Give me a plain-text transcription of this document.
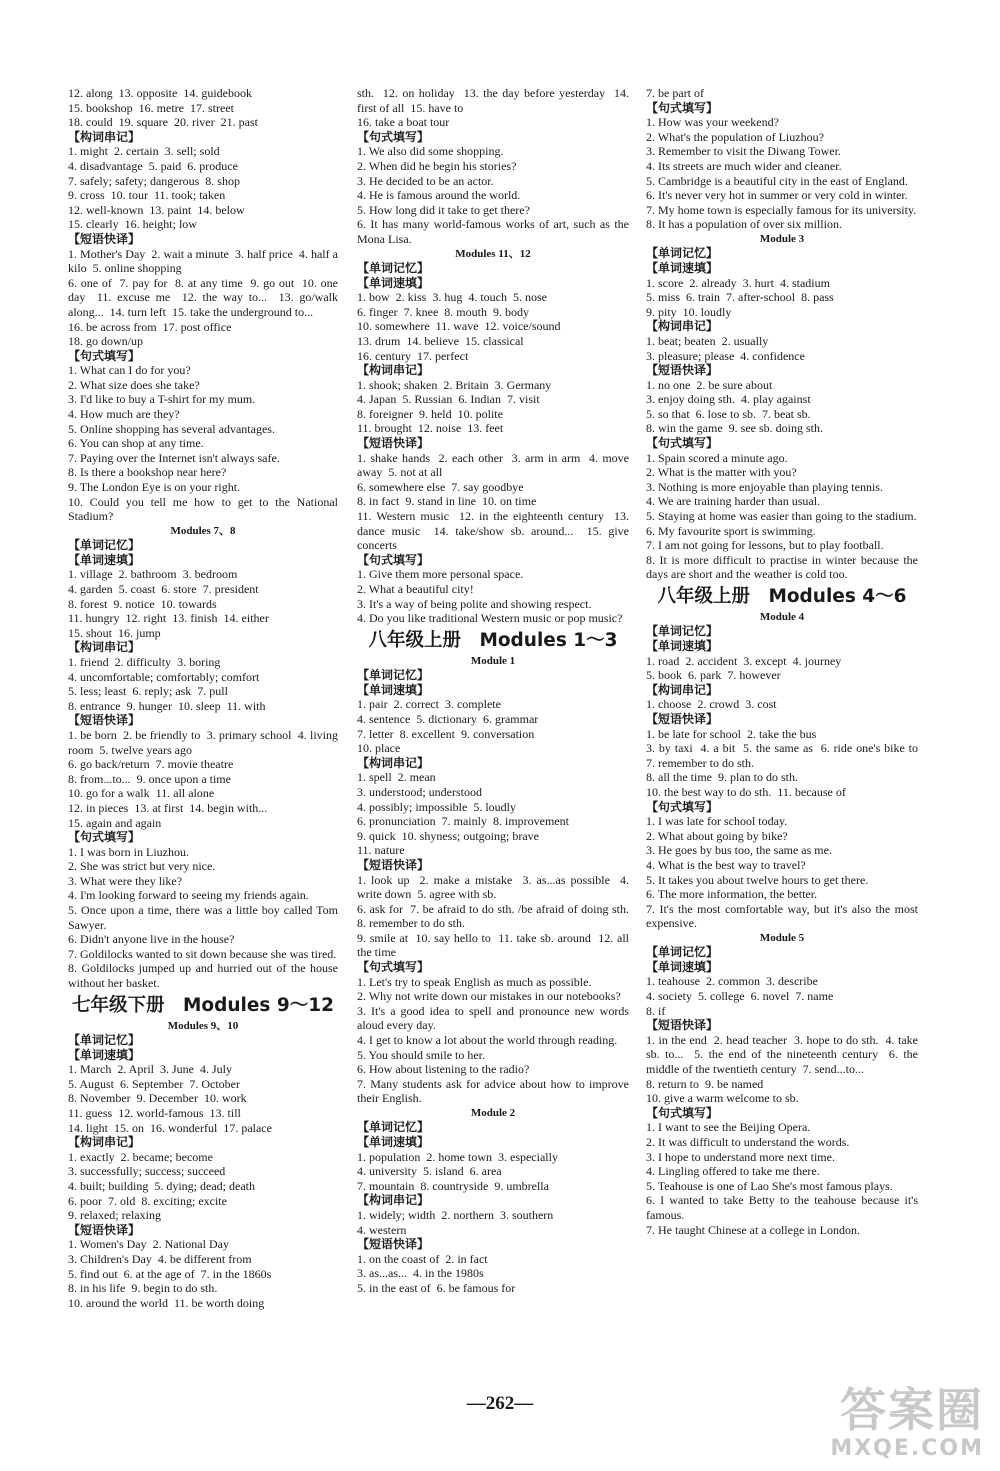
12. along  13. opposite  14. guidebook
15. bookshop  16. metre  17. street
18. could  19. square  20. river  21. past
【构词串记】
1. might  2. certain  3. sell; sold
4. disadvantage  5. paid  6. produce
7. safely; safety; dangerous  8. shop
9. cross  10. tour  11. took; taken
12. well-known  13. paint  14. below
15. clearly  16. height; low
【短语快译】
1. Mother's Day  2. wait a minute  3. half price  4. half a kilo  5. online shopping
6. one of  7. pay for  8. at any time  9. go out  10. one day  11. excuse me  12. the way to...  13. go/walk along...  14. turn left  15. take the underground to...
16. be across from  17. post office
18. go down/up
【句式填写】
1. What can I do for you?
2. What size does she take?
3. I'd like to buy a T-shirt for my mum.
4. How much are they?
5. Online shopping has several advantages.
6. You can shop at any time.
7. Paying over the Internet isn't always safe.
8. Is there a bookshop near here?
9. The London Eye is on your right.
10. Could you tell me how to get to the National Stadium?
Modules 7、8
【单词记忆】
【单词速填】
1. village  2. bathroom  3. bedroom
4. garden  5. coast  6. store  7. president
8. forest  9. notice  10. towards
11. hungry  12. right  13. finish  14. either
15. shout  16. jump
【构词串记】
1. friend  2. difficulty  3. boring
4. uncomfortable; comfortably; comfort
5. less; least  6. reply; ask  7. pull
8. entrance  9. hunger  10. sleep  11. with
【短语快译】
1. be born  2. be friendly to  3. primary school  4. living room  5. twelve years ago
6. go back/return  7. movie theatre
8. from...to...  9. once upon a time
10. go for a walk  11. all alone
12. in pieces  13. at first  14. begin with...
15. again and again
【句式填写】
1. I was born in Liuzhou.
2. She was strict but very nice.
3. What were they like?
4. I'm looking forward to seeing my friends again.
5. Once upon a time, there was a little boy called Tom Sawyer.
6. Didn't anyone live in the house?
7. Goldilocks wanted to sit down because she was tired.
8. Goldilocks jumped up and hurried out of the house without her basket.
七年级下册　Modules 9～12
Modules 9、10
【单词记忆】
【单词速填】
1. March  2. April  3. June  4. July
5. August  6. September  7. October
8. November  9. December  10. work
11. guess  12. world-famous  13. till
14. light  15. on  16. wonderful  17. palace
【构词串记】
1. exactly  2. became; become
3. successfully; success; succeed
4. built; building  5. dying; dead; death
6. poor  7. old  8. exciting; excite
9. relaxed; relaxing
【短语快译】
1. Women's Day  2. National Day
3. Children's Day  4. be different from
5. find out  6. at the age of  7. in the 1860s
8. in his life  9. begin to do sth.
10. around the world  11. be worth doing
sth.  12. on holiday  13. the day before yesterday  14. first of all  15. have to
16. take a boat tour
【句式填写】
1. We also did some shopping.
2. When did he begin his stories?
3. He decided to be an actor.
4. He is famous around the world.
5. How long did it take to get there?
6. It has many world-famous works of art, such as the Mona Lisa.
Modules 11、12
【单词记忆】
【单词速填】
1. bow  2. kiss  3. hug  4. touch  5. nose
6. finger  7. knee  8. mouth  9. body
10. somewhere  11. wave  12. voice/sound
13. drum  14. believe  15. classical
16. century  17. perfect
【构词串记】
1. shook; shaken  2. Britain  3. Germany
4. Japan  5. Russian  6. Indian  7. visit
8. foreigner  9. held  10. polite
11. brought  12. noise  13. feet
【短语快译】
1. shake hands  2. each other  3. arm in arm  4. move away  5. not at all
6. somewhere else  7. say goodbye
8. in fact  9. stand in line  10. on time
11. Western music  12. in the eighteenth century  13. dance music  14. take/show sb. around...  15. give concerts
【句式填写】
1. Give them more personal space.
2. What a beautiful city!
3. It's a way of being polite and showing respect.
4. Do you like traditional Western music or pop music?
八年级上册　Modules 1～3
Module 1
【单词记忆】
【单词速填】
1. pair  2. correct  3. complete
4. sentence  5. dictionary  6. grammar
7. letter  8. excellent  9. conversation
10. place
【构词串记】
1. spell  2. mean
3. understood; understood
4. possibly; impossible  5. loudly
6. pronunciation  7. mainly  8. improvement
9. quick  10. shyness; outgoing; brave
11. nature
【短语快译】
1. look up  2. make a mistake  3. as...as possible  4. write down  5. agree with sb.
6. ask for  7. be afraid to do sth. /be afraid of doing sth.  8. remember to do sth.
9. smile at  10. say hello to  11. take sb. around  12. all the time
【句式填写】
1. Let's try to speak English as much as possible.
2. Why not write down our mistakes in our notebooks?
3. It's a good idea to spell and pronounce new words aloud every day.
4. I get to know a lot about the world through reading.
5. You should smile to her.
6. How about listening to the radio?
7. Many students ask for advice about how to improve their English.
Module 2
【单词记忆】
【单词速填】
1. population  2. home town  3. especially
4. university  5. island  6. area
7. mountain  8. countryside  9. umbrella
【构词串记】
1. widely; width  2. northern  3. southern
4. western
【短语快译】
1. on the coast of  2. in fact
3. as...as...  4. in the 1980s
5. in the east of  6. be famous for
7. be part of
【句式填写】
1. How was your weekend?
2. What's the population of Liuzhou?
3. Remember to visit the Diwang Tower.
4. Its streets are much wider and cleaner.
5. Cambridge is a beautiful city in the east of England.
6. It's never very hot in summer or very cold in winter.
7. My home town is especially famous for its university.
8. It has a population of over six million.
Module 3
【单词记忆】
【单词速填】
1. score  2. already  3. hurt  4. stadium
5. miss  6. train  7. after-school  8. pass
9. pity  10. loudly
【构词串记】
1. beat; beaten  2. usually
3. pleasure; please  4. confidence
【短语快译】
1. no one  2. be sure about
3. enjoy doing sth.  4. play against
5. so that  6. lose to sb.  7. beat sb.
8. win the game  9. see sb. doing sth.
【句式填写】
1. Spain scored a minute ago.
2. What is the matter with you?
3. Nothing is more enjoyable than playing tennis.
4. We are training harder than usual.
5. Staying at home was easier than going to the stadium.
6. My favourite sport is swimming.
7. I am not going for lessons, but to play football.
8. It is more difficult to practise in winter because the days are short and the weather is cold too.
八年级上册　Modules 4～6
Module 4
【单词记忆】
【单词速填】
1. road  2. accident  3. except  4. journey
5. book  6. park  7. however
【构词串记】
1. choose  2. crowd  3. cost
【短语快译】
1. be late for school  2. take the bus
3. by taxi  4. a bit  5. the same as  6. ride one's bike to  7. remember to do sth.
8. all the time  9. plan to do sth.
10. the best way to do sth.  11. because of
【句式填写】
1. I was late for school today.
2. What about going by bike?
3. He goes by bus too, the same as me.
4. What is the best way to travel?
5. It takes you about twelve hours to get there.
6. The more information, the better.
7. It's the most comfortable way, but it's also the most expensive.
Module 5
【单词记忆】
【单词速填】
1. teahouse  2. common  3. describe
4. society  5. college  6. novel  7. name
8. if
【短语快译】
1. in the end  2. head teacher  3. hope to do sth.  4. take sb. to...  5. the end of the nineteenth century  6. the middle of the twentieth century  7. send...to...
8. return to  9. be named
10. give a warm welcome to sb.
【句式填写】
1. I want to see the Beijing Opera.
2. It was difficult to understand the words.
3. I hope to understand more next time.
4. Lingling offered to take me there.
5. Teahouse is one of Lao She's most famous plays.
6. I wanted to take Betty to the teahouse because it's famous.
7. He taught Chinese at a college in London.
—262—	答案圈
MXQE.COM
